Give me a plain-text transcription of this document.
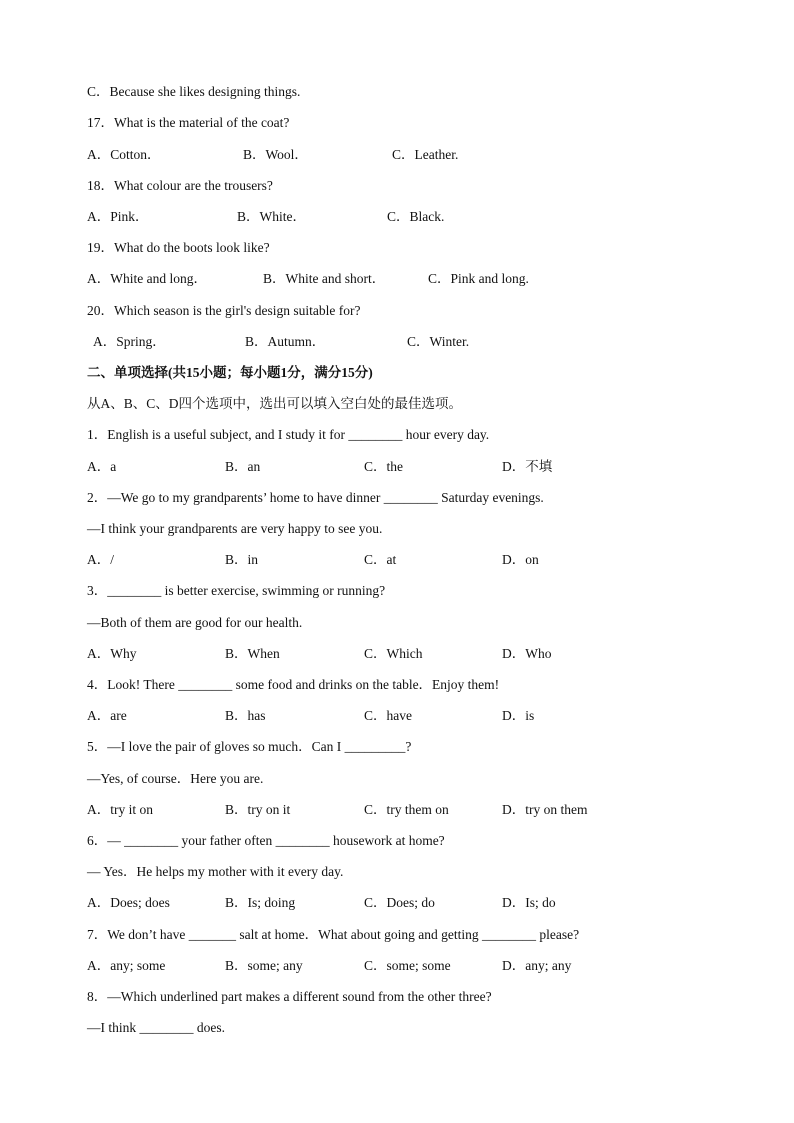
C．Because she likes designing things.
17．What is the material of the coat?
A．Cotton．	B．Wool．	C．Leather.
18．What colour are the trousers?
A．Pink．	B．White．	C．Black.
19．What do the boots look like?
A．White and long．	B．White and short．	C．Pink and long.
20．Which season is the girl's design suitable for?
A．Spring．	B．Autumn．	C．Winter.
二、单项选择(共15小题；每小题1分，满分15分)
从A、B、C、D四个选项中，选出可以填入空白处的最佳选项。
1．English is a useful subject, and I study it for ________ hour every day.
A．a	B．an	C．the	D．不填
2．—We go to my grandparents’ home to have dinner ________ Saturday evenings.
—I think your grandparents are very happy to see you.
A．/	B．in	C．at	D．on
3．________ is better exercise, swimming or running?
—Both of them are good for our health.
A．Why	B．When	C．Which	D．Who
4．Look! There ________ some food and drinks on the table．Enjoy them!
A．are	B．has	C．have	D．is
5．—I love the pair of gloves so much．Can I _________?
—Yes, of course．Here you are.
A．try it on	B．try on it	C．try them on	D．try on them
6．— ________ your father often ________ housework at home?
— Yes．He helps my mother with it every day.
A．Does; does	B．Is; doing	C．Does; do	D．Is; do
7．We don’t have _______ salt at home．What about going and getting ________ please?
A．any; some	B．some; any	C．some; some	D．any; any
8．—Which underlined part makes a different sound from the other three?
—I think ________ does.
